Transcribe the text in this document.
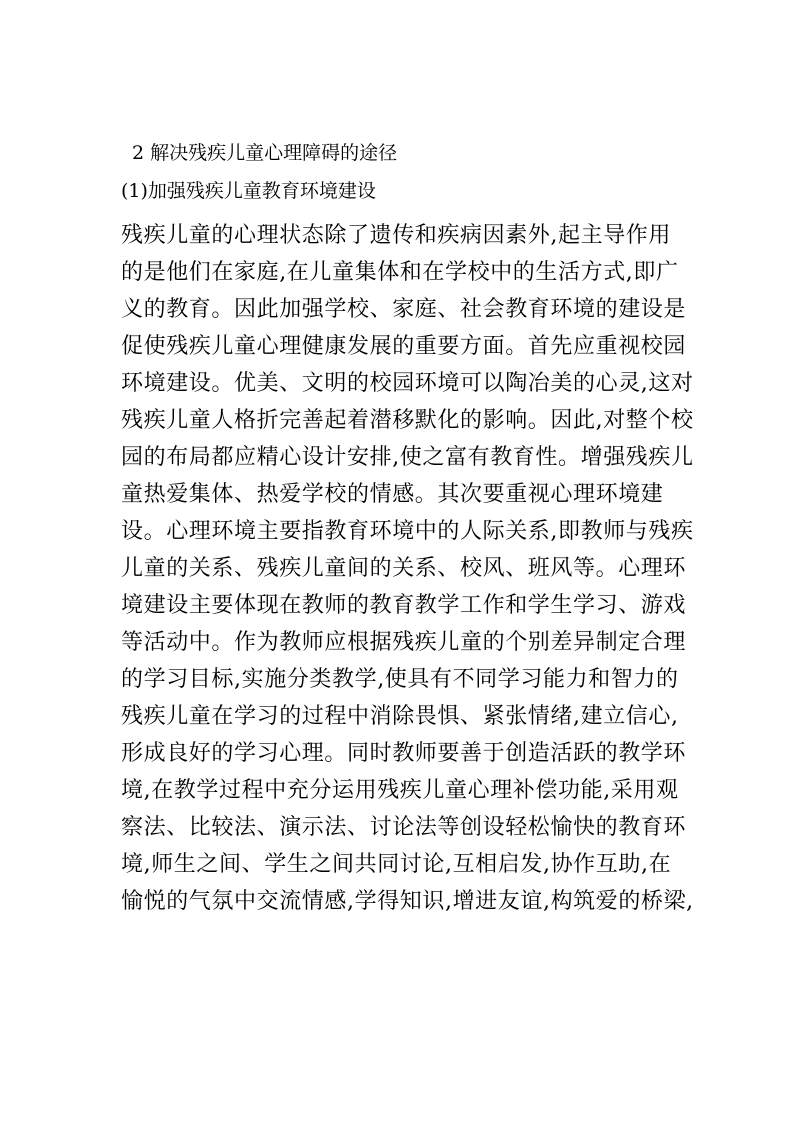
2 解决残疾儿童心理障碍的途径
(1)加强残疾儿童教育环境建设
残疾儿童的心理状态除了遗传和疾病因素外,起主导作用
的是他们在家庭,在儿童集体和在学校中的生活方式,即广
义的教育。因此加强学校、家庭、社会教育环境的建设是
促使残疾儿童心理健康发展的重要方面。首先应重视校园
环境建设。优美、文明的校园环境可以陶冶美的心灵,这对
残疾儿童人格折完善起着潜移默化的影响。因此,对整个校
园的布局都应精心设计安排,使之富有教育性。增强残疾儿
童热爱集体、热爱学校的情感。其次要重视心理环境建
设。心理环境主要指教育环境中的人际关系,即教师与残疾
儿童的关系、残疾儿童间的关系、校风、班风等。心理环
境建设主要体现在教师的教育教学工作和学生学习、游戏
等活动中。作为教师应根据残疾儿童的个别差异制定合理
的学习目标,实施分类教学,使具有不同学习能力和智力的
残疾儿童在学习的过程中消除畏惧、紧张情绪,建立信心,
形成良好的学习心理。同时教师要善于创造活跃的教学环
境,在教学过程中充分运用残疾儿童心理补偿功能,采用观
察法、比较法、演示法、讨论法等创设轻松愉快的教育环
境,师生之间、学生之间共同讨论,互相启发,协作互助,在
愉悦的气氛中交流情感,学得知识,增进友谊,构筑爱的桥梁,
